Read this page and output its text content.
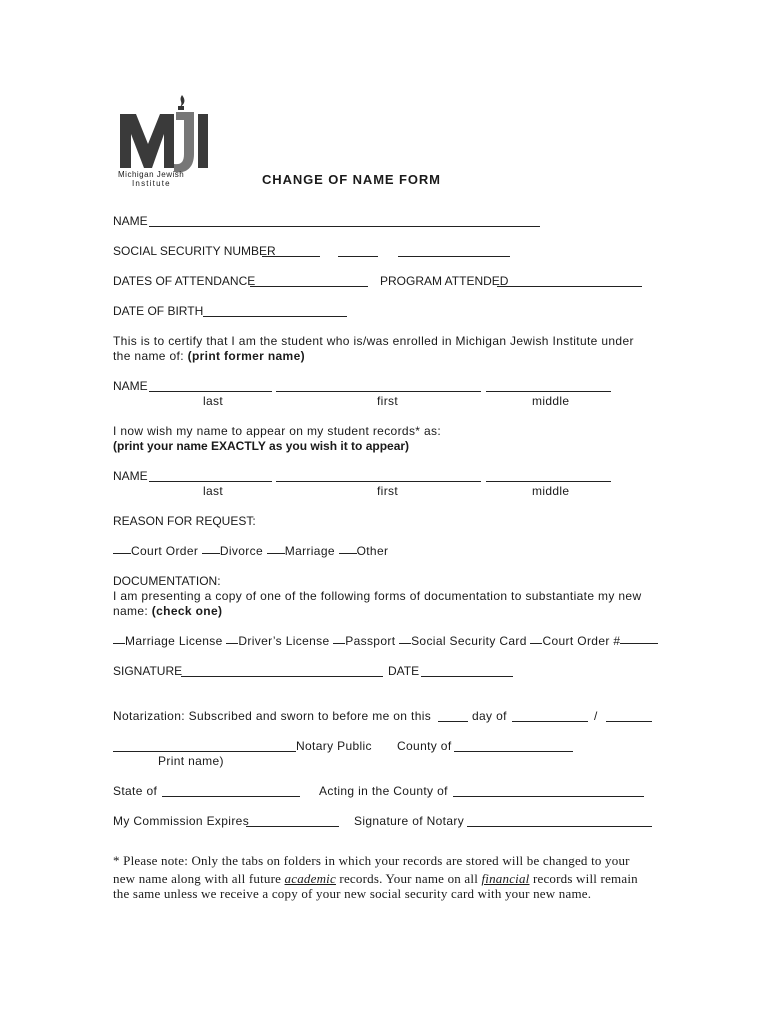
Michigan Jewish
Institute	CHANGE OF NAME FORM
NAME
SOCIAL SECURITY NUMBER
DATES OF ATTENDANCE	PROGRAM ATTENDED
DATE OF BIRTH
This is to certify that I am the student who is/was enrolled in Michigan Jewish Institute under
the name of: (print former name)
NAME
last	first	middle
I now wish my name to appear on my student records* as:
(print your name EXACTLY as you wish it to appear)
NAME
last	first	middle
REASON FOR REQUEST:
Court Order Divorce Marriage Other
DOCUMENTATION:
I am presenting a copy of one of the following forms of documentation to substantiate my new
name: (check one)
Marriage License Driver’s License Passport Social Security Card Court Order #
SIGNATURE	DATE
Notarization: Subscribed and sworn to before me on this	day of	/
Notary Public County of
Print name)
State of	Acting in the County of
My Commission Expires	Signature of Notary
* Please note: Only the tabs on folders in which your records are stored will be changed to your
new name along with all future academic records. Your name on all financial records will remain
the same unless we receive a copy of your new social security card with your new name.
